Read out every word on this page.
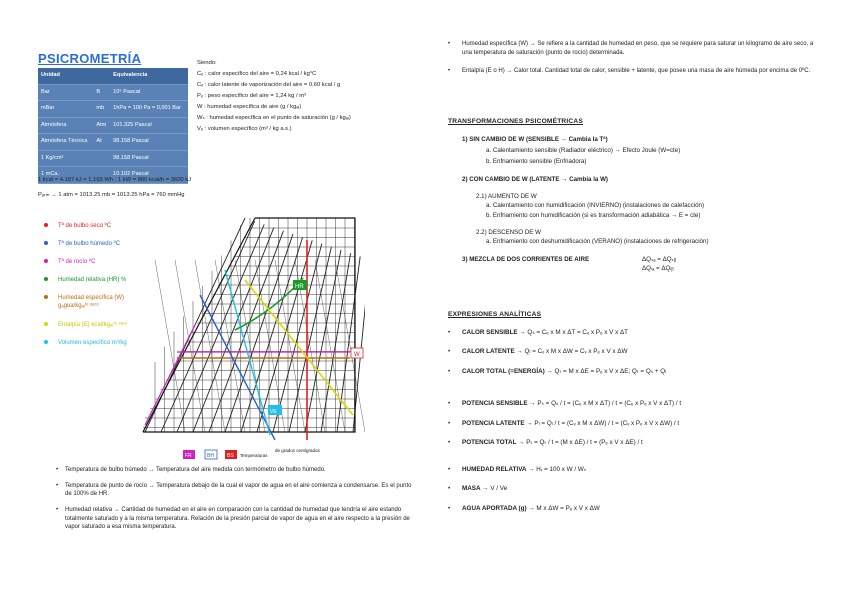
PSICROMETRÍA
Unidad		Equivalencia
Bar	B	10⁵ Pascal
mBar	mb	1hPa = 100 Pa = 0,001 Bar
Atmósfera	Atm	101.325 Pascal
Atmósfera Técnica	At	98.158 Pascal
1 Kg/cm²		98.158 Pascal
1 mCa.		10.102 Pascal
Siendo:
Cₑ : calor específico del aire = 0,24 kcal / kg°C
Cᵥ : calor latente de vaporización del aire = 0,60 kcal / g
Pₑ : peso específico del aire = 1,24 kg / m³
W : humedad específica de aire (g / kgₐᵢ)
Wₛ : humedad específica en el punto de saturación (g / kgₐᵢ)
Vₑ : volumen específico (m³ / kg a.s.)
1 kcal = 4.187 kJ = 1.163 Wh ; 1 kW = 860 kcal/h = 3600 kJ
Pₐₜₘ → 1 atm = 1013.25 mb = 1013.25 hPa = 760 mmHg
HR
W
VE
FR	BH	BS Temperaturas
de grados centígrados
Tª de bulbo seco ºC
Tª de bulbo húmedo ºC
Tª de rocío ºC
Humedad relativa (HR) %
Humedad específica (W) gₐgua/kgₐᵢʳᵉ ˢᵉᶜᵒ
Entalpía (E) kcal/kgₐᵢʳᵉ ˢᵉᶜᵒ
Volumen específico m³/kg
• Temperatura de bulbo húmedo → Temperatura del aire medida con termómetro de bulbo húmedo.
• Temperatura de punto de rocío → Temperatura debajo de la cual el vapor de agua en el aire comienza a condensarse. Es el punto de 100% de HR.
• Humedad relativa → Cantidad de humedad en el aire en comparación con la cantidad de humedad que tendría el aire estando totalmente saturado y a la misma temperatura. Relación de la presión parcial de vapor de agua en el aire respecto a la presión de vapor saturado a esa misma temperatura.
• Humedad específica (W) → Se refiere a la cantidad de humedad en peso, que se requiere para saturar un kilogramo de aire seco, a una temperatura de saturación (punto de rocío) determinada.
• Entalpía (E o H) → Calor total. Cantidad total de calor, sensible + latente, que posee una masa de aire húmeda por encima de 0ºC.
TRANSFORMACIONES PSICOMÉTRICAS
1) SIN CAMBIO DE W (SENSIBLE → Cambia la Tª)
a. Calentamiento sensible (Radiador eléctrico) → Efecto Joule (W=cte)
b. Enfriamiento sensible (Enfriadora)
2) CON CAMBIO DE W (LATENTE → Cambia la W)
2.1) AUMENTO DE W
a. Calentamiento con humidificación (INVIERNO) (instalaciones de calefacción)
b. Enfriamiento con humidificación (si es transformación adiabática → E = cte)
2.2) DESCENSO DE W
a. Enfriamiento con deshumidificación (VERANO) (instalaciones de refrigeración)
3) MEZCLA DE DOS CORRIENTES DE AIRE	ΔQₛₐ = ΔQₛᵦ
ΔQₗₐ = ΔQₗᵦ
EXPRESIONES ANALÍTICAS
• CALOR SENSIBLE → Qₛ = Cₑ x M x ΔT = Cₑ x Pₑ x V x ΔT
• CALOR LATENTE → Qₗ = Cᵥ x M x ΔW = Cᵥ x Pₑ x V x ΔW
• CALOR TOTAL (=ENERGÍA) → Qₜ = M x ΔE = Pₑ x V x ΔE; Qₜ = Qₛ + Qₗ
• POTENCIA SENSIBLE → Pₛ = Qₛ / t = (Cₑ x M x ΔT) / t = (Cₑ x Pₑ x V x ΔT) / t
• POTENCIA LATENTE → Pₗ = Qₗ / t = (Cᵥ x M x ΔW) / t = (Cᵥ x Pₑ x V x ΔW) / t
• POTENCIA TOTAL → Pₜ = Qₜ / t = (M x ΔE) / t = (Pₑ x V x ΔE) / t
• HUMEDAD RELATIVA → Hᵣ = 100 x W / Wₛ
• MASA → V / Ve
• AGUA APORTADA (g) → M x ΔW = Pₑ x V x ΔW
